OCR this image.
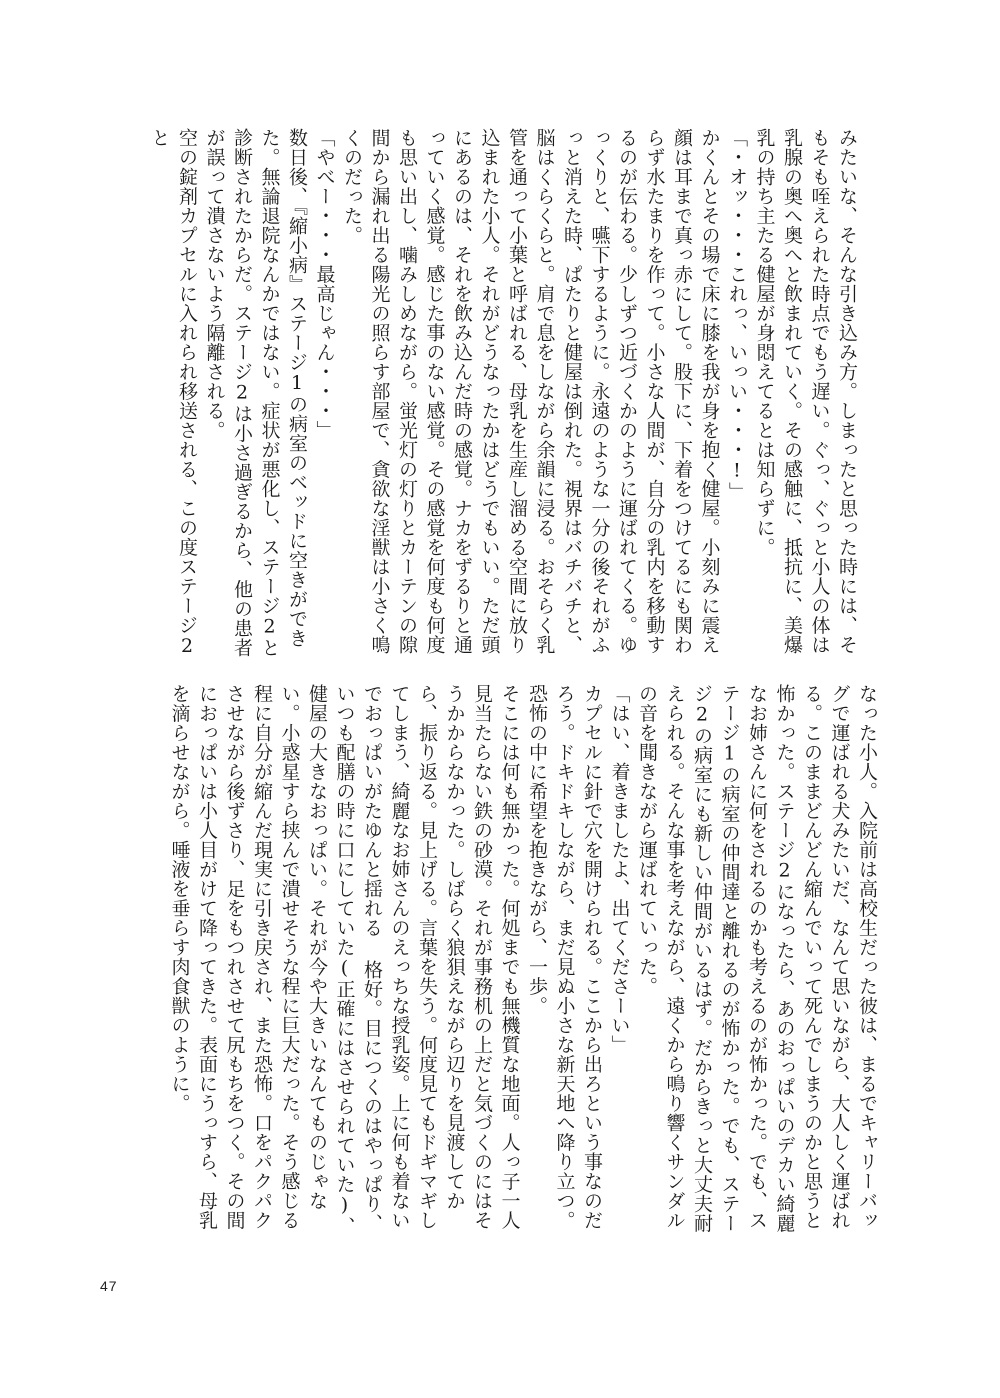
みたいな、そんな引き込み方。しまったと思った時には、そもそも咥えられた時点でもう遅い。ぐっ、ぐっと小人の体は乳腺の奥へ奥へと飲まれていく。その感触に、抵抗に、美爆乳の持ち主たる健屋が身悶えてるとは知らずに。

「・オッ・・・これっ、いっい・・・!」

かくんとその場で床に膝を我が身を抱く健屋。小刻みに震え顔は耳まで真っ赤にして。股下に、下着をつけてるにも関わらず水たまりを作って。小さな人間が、自分の乳内を移動するのが伝わる。少しずつ近づくかのように運ばれてくる。ゆっくりと、嚥下するように。永遠のような一分の後それがふっと消えた時、ぱたりと健屋は倒れた。視界はバチバチと、脳はくらくらと。肩で息をしながら余韻に浸る。おそらく乳管を通って小葉と呼ばれる、母乳を生産し溜める空間に放り込まれた小人。それがどうなったかはどうでもいい。ただ頭にあるのは、それを飲み込んだ時の感覚。ナカをずるりと通っていく感覚。感じた事のない感覚。その感覚を何度も何度も思い出し、噛みしめながら。蛍光灯の灯りとカーテンの隙間から漏れ出る陽光の照らす部屋で、貪欲な淫獣は小さく鳴くのだった。

「やべー・・・最高じゃん・・・」

数日後、『縮小病』ステージ1の病室のベッドに空きができた。無論退院なんかではない。症状が悪化し、ステージ2と診断されたからだ。ステージ2は小さ過ぎるから、他の患者が誤って潰さないよう隔離される。

空の錠剤カプセルに入れられ移送される、この度ステージ2と

なった小人。入院前は高校生だった彼は、まるでキャリーバッグで運ばれる犬みたいだ、なんて思いながら、大人しく運ばれる。このままどんどん縮んでいって死んでしまうのかと思うと怖かった。ステージ2になったら、あのおっぱいのデカい綺麗なお姉さんに何をされるのかも考えるのが怖かった。でも、ステージ1の病室の仲間達と離れるのが怖かった。でも、ステージ2の病室にも新しい仲間がいるはず。だからきっと大丈夫耐えられる。そんな事を考えながら、遠くから鳴り響くサンダルの音を聞きながら運ばれていった。

「はい、着きましたよ、出てくださーい」

カプセルに針で穴を開けられる。ここから出ろという事なのだろう。ドキドキしながら、まだ見ぬ小さな新天地へ降り立つ。恐怖の中に希望を抱きながら、一歩。

そこには何も無かった。何処までも無機質な地面。人っ子一人見当たらない鉄の砂漠。それが事務机の上だと気づくのにはそうかからなかった。しばらく狼狽えながら辺りを見渡してから、振り返る。見上げる。言葉を失う。何度見てもドギマギしてしまう、綺麗なお姉さんのえっちな授乳姿。上に何も着ないでおっぱいがたゆんと揺れる 格好。目につくのはやっぱり、いつも配膳の時に口にしていた(正確にはさせられていた)、健屋の大きなおっぱい。それが今や大きいなんてものじゃない。小惑星すら挟んで潰せそうな程に巨大だった。そう感じる程に自分が縮んだ現実に引き戻され、また恐怖。口をパクパクさせながら後ずさり、足をもつれさせて尻もちをつく。その間におっぱいは小人目がけて降ってきた。表面にうっすら、母乳を滴らせながら。唾液を垂らす肉食獣のように。

47
